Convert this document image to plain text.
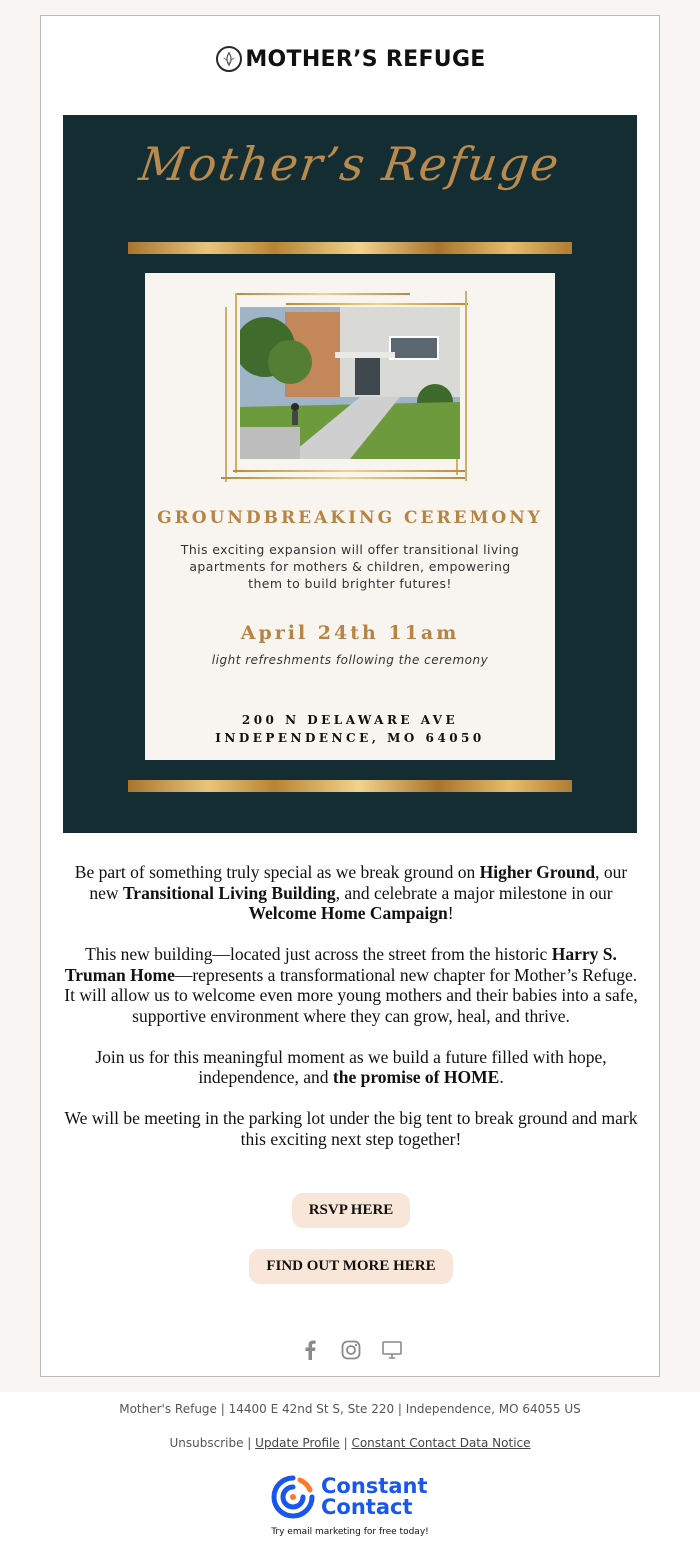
MOTHER’S REFUGE
Mother’s Refuge
GROUNDBREAKING CEREMONY
This exciting expansion will offer transitional living apartments for mothers & children, empowering them to build brighter futures!
April 24th 11am
light refreshments following the ceremony
200 N DELAWARE AVE
INDEPENDENCE, MO 64050

Be part of something truly special as we break ground on Higher Ground, our new Transitional Living Building, and celebrate a major milestone in our Welcome Home Campaign!

This new building—located just across the street from the historic Harry S. Truman Home—represents a transformational new chapter for Mother’s Refuge. It will allow us to welcome even more young mothers and their babies into a safe, supportive environment where they can grow, heal, and thrive.

Join us for this meaningful moment as we build a future filled with hope, independence, and the promise of HOME.

We will be meeting in the parking lot under the big tent to break ground and mark this exciting next step together!

RSVP HERE
FIND OUT MORE HERE
Mother's Refuge | 14400 E 42nd St S, Ste 220 | Independence, MO 64055 US
Unsubscribe | Update Profile | Constant Contact Data Notice
Constant
Contact
Try email marketing for free today!
